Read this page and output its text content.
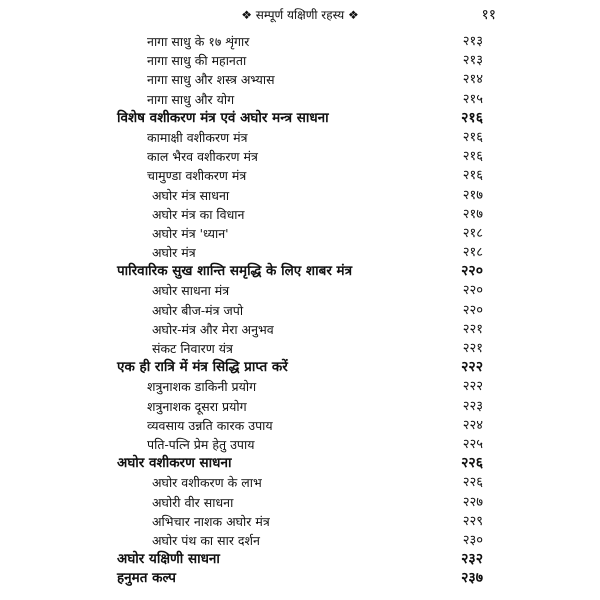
❖ सम्पूर्ण यक्षिणी रहस्य ❖	११
नागा साधु के १७ शृंगार	२१३
नागा साधु की महानता	२१३
नागा साधु और शस्त्र अभ्यास	२१४
नागा साधु और योग	२१५
विशेष वशीकरण मंत्र एवं अघोर मन्त्र साधना	२१६
कामाक्षी वशीकरण मंत्र	२१६
काल भैरव वशीकरण मंत्र	२१६
चामुण्डा वशीकरण मंत्र	२१६
अघोर मंत्र साधना	२१७
अघोर मंत्र का विधान	२१७
अघोर मंत्र 'ध्यान'	२१८
अघोर मंत्र	२१८
पारिवारिक सुख शान्ति समृद्धि के लिए शाबर मंत्र	२२०
अघोर साधना मंत्र	२२०
अघोर बीज-मंत्र जपो	२२०
अघोर-मंत्र और मेरा अनुभव	२२१
संकट निवारण यंत्र	२२१
एक ही रात्रि में मंत्र सिद्धि प्राप्त करें	२२२
शत्रुनाशक डाकिनी प्रयोग	२२२
शत्रुनाशक दूसरा प्रयोग	२२३
व्यवसाय उन्नति कारक उपाय	२२४
पति-पत्नि प्रेम हेतु उपाय	२२५
अघोर वशीकरण साधना	२२६
अघोर वशीकरण के लाभ	२२६
अघोरी वीर साधना	२२७
अभिचार नाशक अघोर मंत्र	२२९
अघोर पंथ का सार दर्शन	२३०
अघोर यक्षिणी साधना	२३२
हनुमत कल्प	२३७
